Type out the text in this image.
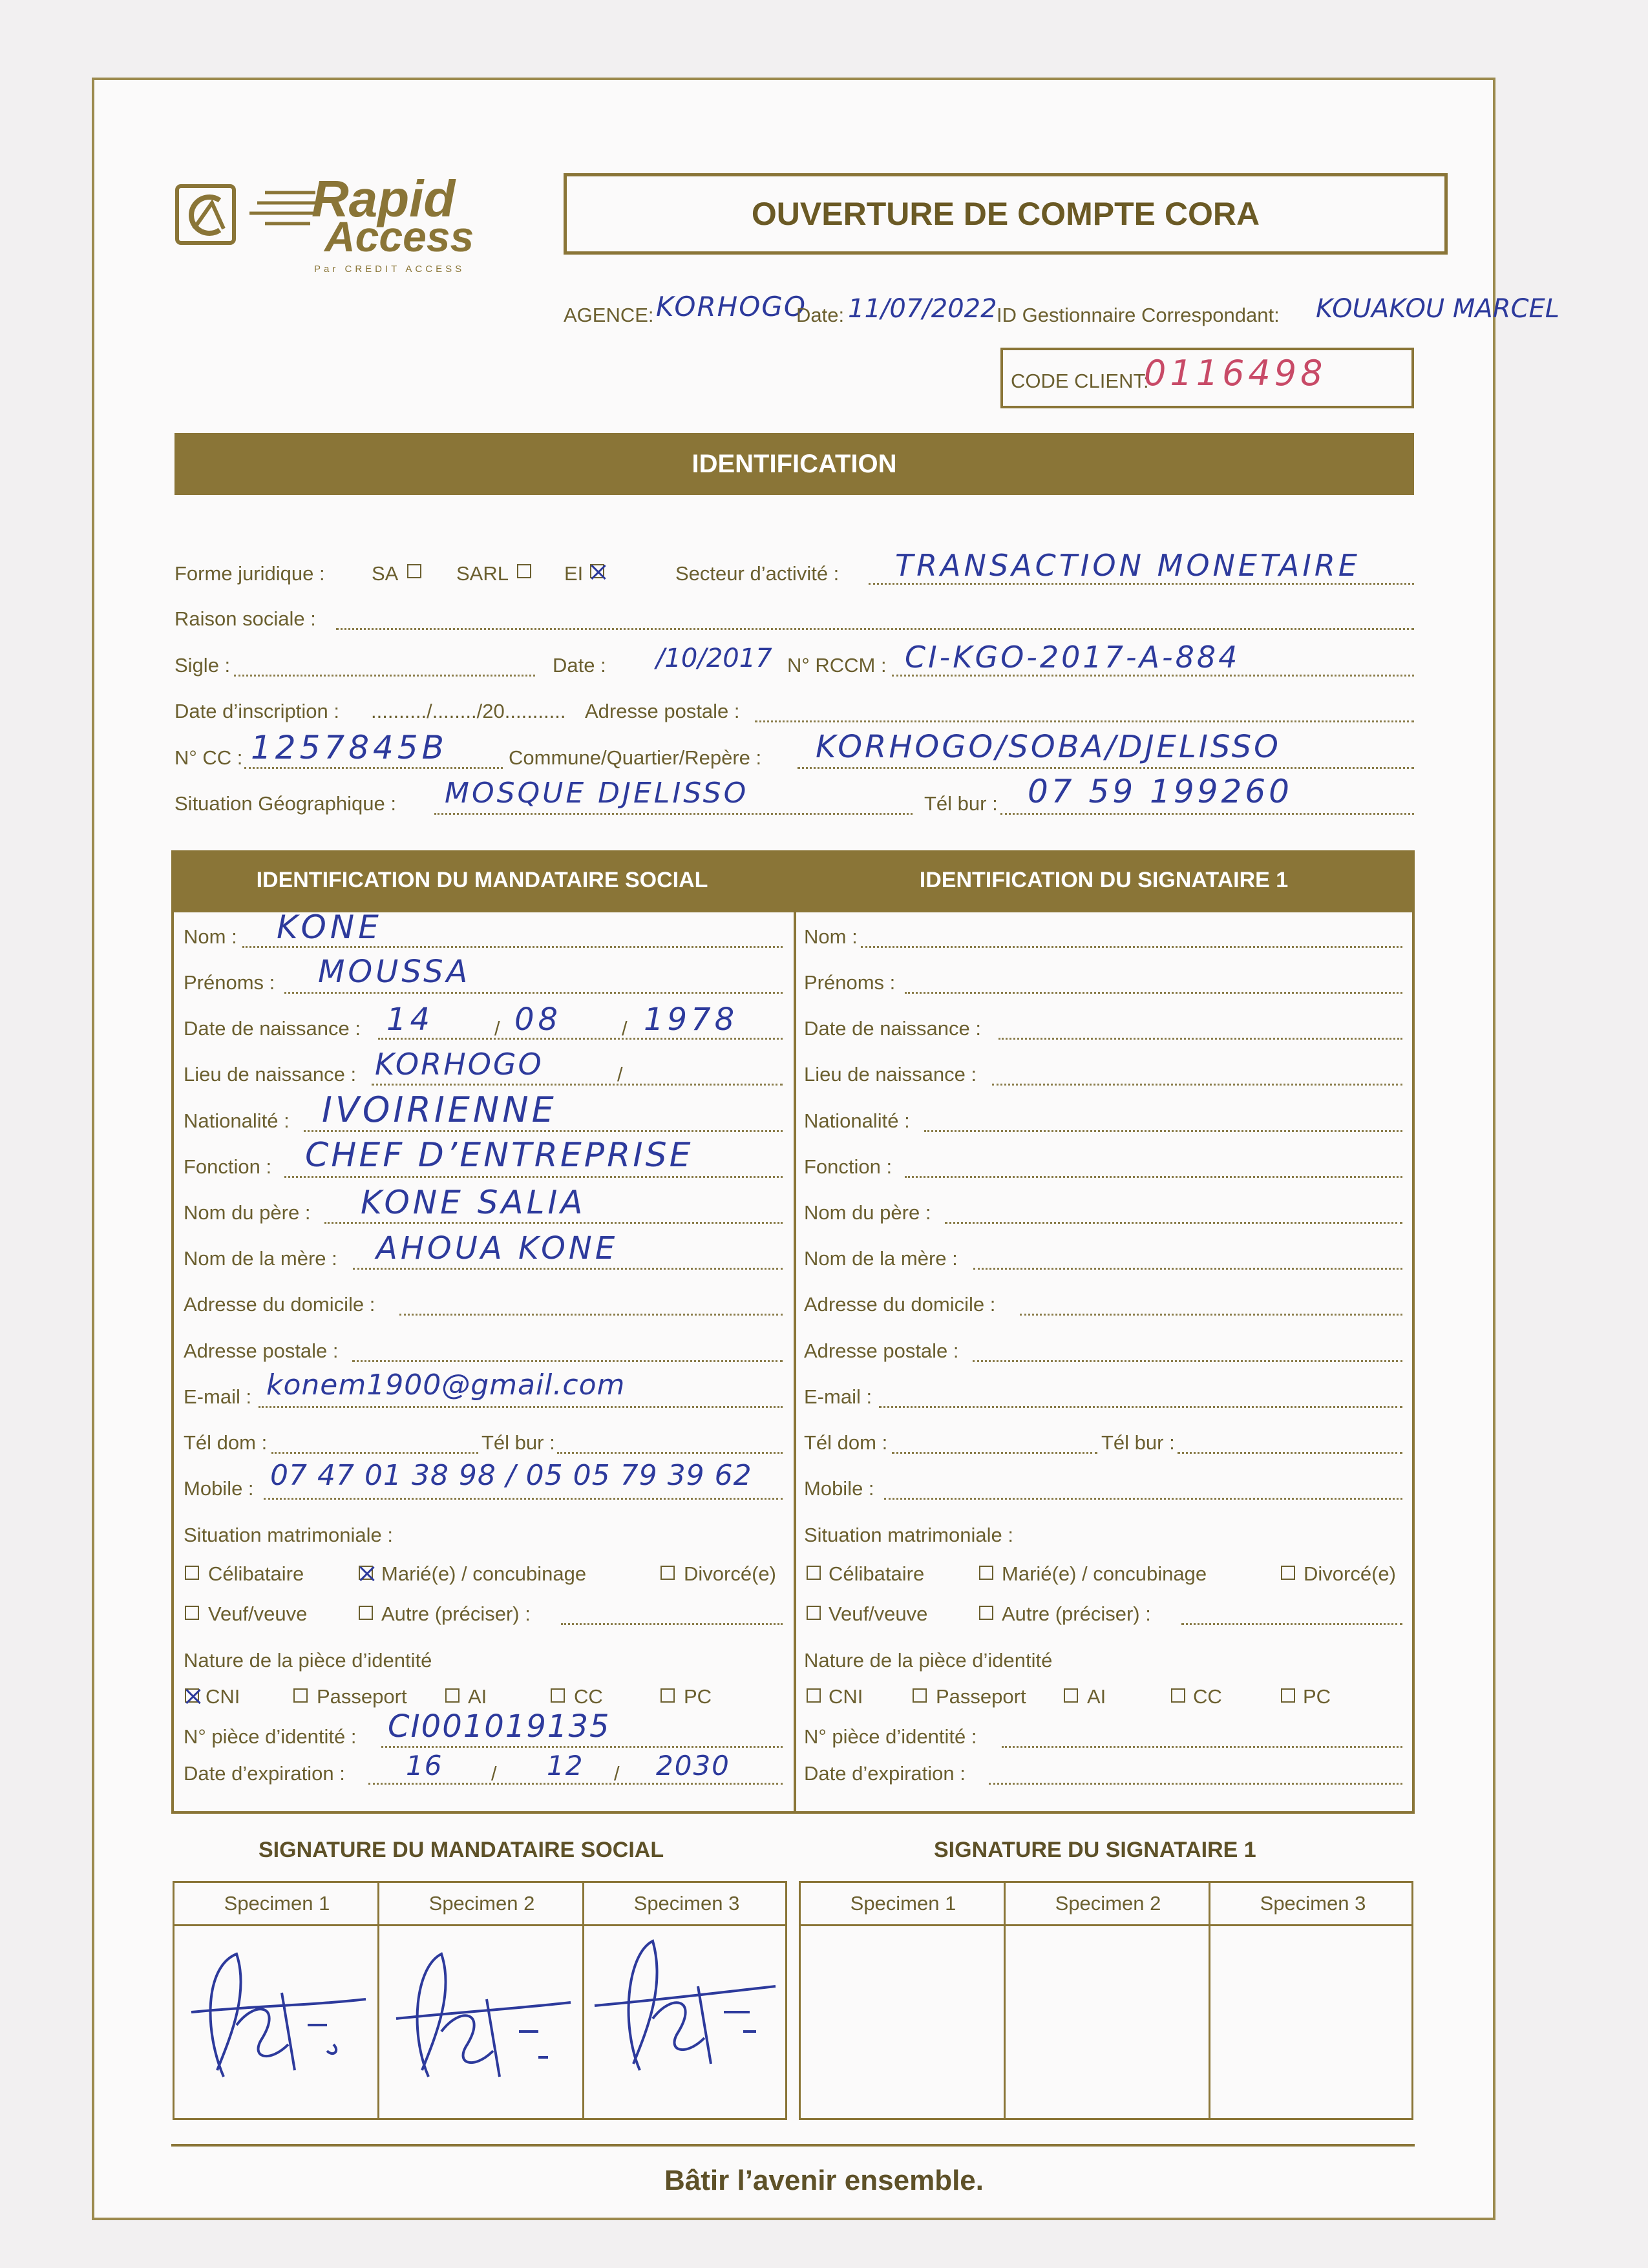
Rapid
Access
Par CREDIT ACCESS
OUVERTURE DE COMPTE CORA
AGENCE: KORHOGO
Date: 11/07/2022 ID Gestionnaire Correspondant: KOUAKOU MARCEL
CODE CLIENT:
0116498
IDENTIFICATION
Forme juridique : SA	SARL	EI	Secteur d’activité : TRANSACTION MONETAIRE
Raison sociale :
Sigle :	Date : /10/2017 N° RCCM : CI-KGO-2017-A-884
Date d’inscription : ........../......../20........... Adresse postale :
N° CC : 1257845B	Commune/Quartier/Repère : KORHOGO/SOBA/DJELISSO
Situation Géographique : MOSQUE DJELISSO	Tél bur : 07 59 199260
IDENTIFICATION DU MANDATAIRE SOCIAL	IDENTIFICATION DU SIGNATAIRE 1
Nom : KONE
Prénoms : MOUSSA
Date de naissance : 14	/ 08	/ 1978
Lieu de naissance : KORHOGO	/
Nationalité : IVOIRIENNE
Fonction : CHEF D’ENTREPRISE
Nom du père : KONE SALIA
Nom de la mère : AHOUA KONE
Adresse du domicile :
Adresse postale :
E-mail : konem1900@gmail.com
Tél dom :	Tél bur :
Mobile : 07 47 01 38 98 / 05 05 79 39 62
Situation matrimoniale :
Célibataire	Marié(e) / concubinage	Divorcé(e)
Veuf/veuve	Autre (préciser) :
Nature de la pièce d’identité
CNI	Passeport	AI	CC	PC
N° pièce d’identité : CI001019135
Date d’expiration : 16 / 12 / 2030
Nom :
Prénoms :
Date de naissance :
Lieu de naissance :
Nationalité :
Fonction :
Nom du père :
Nom de la mère :
Adresse du domicile :
Adresse postale :
E-mail :
Tél dom :	Tél bur :
Mobile :
Situation matrimoniale :
Célibataire	Marié(e) / concubinage	Divorcé(e)
Veuf/veuve	Autre (préciser) :
Nature de la pièce d’identité
CNI	Passeport	AI	CC	PC
N° pièce d’identité :
Date d’expiration :
SIGNATURE DU MANDATAIRE SOCIAL	SIGNATURE DU SIGNATAIRE 1
Specimen 1	Specimen 2	Specimen 3	Specimen 1	Specimen 2	Specimen 3
Bâtir l’avenir ensemble.
